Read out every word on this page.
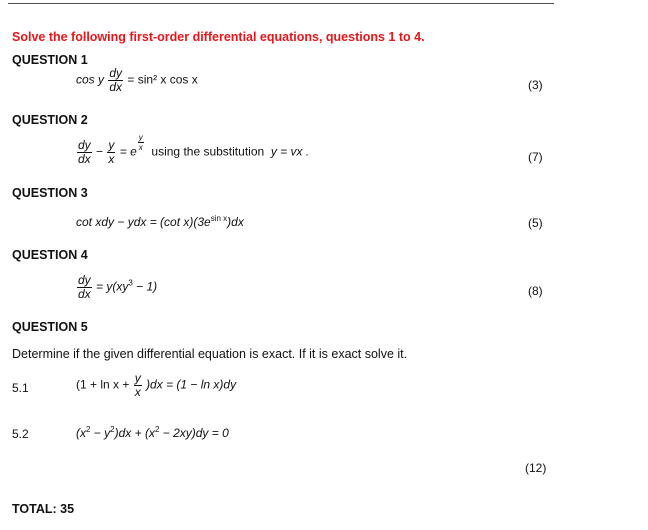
Solve the following first-order differential equations, questions 1 to 4.
QUESTION 1
cos y $\frac{dy}{dx} = \sin^2$ x cos x	(3)
QUESTION 2
$\frac{dy}{dx} - \frac{y}{x} = e \frac{y}{x}$ using the substitution y = vx .	(7)
QUESTION 3
cot xdy − ydx = (cot $x)(3e^{sin x})dx$	(5)
QUESTION 4
$\frac{dy}{dx} = y(xy^3 - 1)$	(8)
QUESTION 5
Determine if the given differential equation is exact. If it is exact solve it.
5.1	$(1 + \ln x + \frac{y}{x} )dx = (1 - \ln x)dy$
5.2	$(x^2 - y^2)dx + (x^2 - 2xy)dy = 0$
(12)
TOTAL: 35
